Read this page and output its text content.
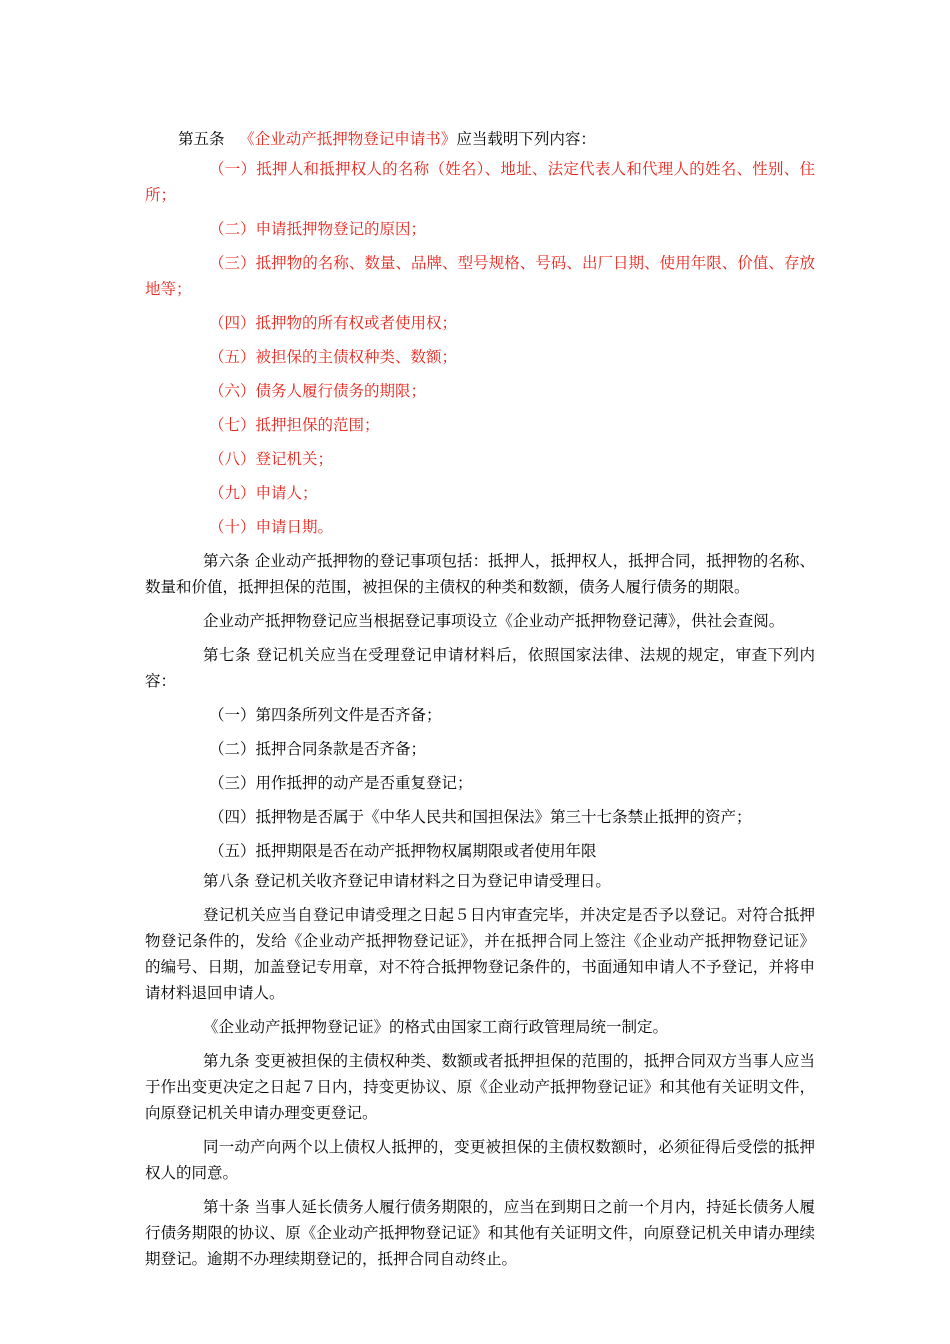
第五条 《企业动产抵押物登记申请书》应当载明下列内容：

（一）抵押人和抵押权人的名称（姓名）、地址、法定代表人和代理人的姓名、性别、住所；

（二）申请抵押物登记的原因；

（三）抵押物的名称、数量、品牌、型号规格、号码、出厂日期、使用年限、价值、存放地等；

（四）抵押物的所有权或者使用权；

（五）被担保的主债权种类、数额；

（六）债务人履行债务的期限；

（七）抵押担保的范围；

（八）登记机关；

（九）申请人；

（十）申请日期。

第六条 企业动产抵押物的登记事项包括：抵押人，抵押权人，抵押合同，抵押物的名称、数量和价值，抵押担保的范围，被担保的主债权的种类和数额，债务人履行债务的期限。

企业动产抵押物登记应当根据登记事项设立《企业动产抵押物登记薄》，供社会查阅。

第七条 登记机关应当在受理登记申请材料后，依照国家法律、法规的规定，审查下列内容：

（一）第四条所列文件是否齐备；

（二）抵押合同条款是否齐备；

（三）用作抵押的动产是否重复登记；

（四）抵押物是否属于《中华人民共和国担保法》第三十七条禁止抵押的资产；

（五）抵押期限是否在动产抵押物权属期限或者使用年限

第八条 登记机关收齐登记申请材料之日为登记申请受理日。

登记机关应当自登记申请受理之日起５日内审查完毕，并决定是否予以登记。对符合抵押物登记条件的，发给《企业动产抵押物登记证》，并在抵押合同上签注《企业动产抵押物登记证》的编号、日期，加盖登记专用章，对不符合抵押物登记条件的，书面通知申请人不予登记，并将申请材料退回申请人。

《企业动产抵押物登记证》的格式由国家工商行政管理局统一制定。

第九条 变更被担保的主债权种类、数额或者抵押担保的范围的，抵押合同双方当事人应当于作出变更决定之日起７日内，持变更协议、原《企业动产抵押物登记证》和其他有关证明文件，向原登记机关申请办理变更登记。

同一动产向两个以上债权人抵押的，变更被担保的主债权数额时，必须征得后受偿的抵押权人的同意。

第十条 当事人延长债务人履行债务期限的，应当在到期日之前一个月内，持延长债务人履行债务期限的协议、原《企业动产抵押物登记证》和其他有关证明文件，向原登记机关申请办理续期登记。逾期不办理续期登记的，抵押合同自动终止。
